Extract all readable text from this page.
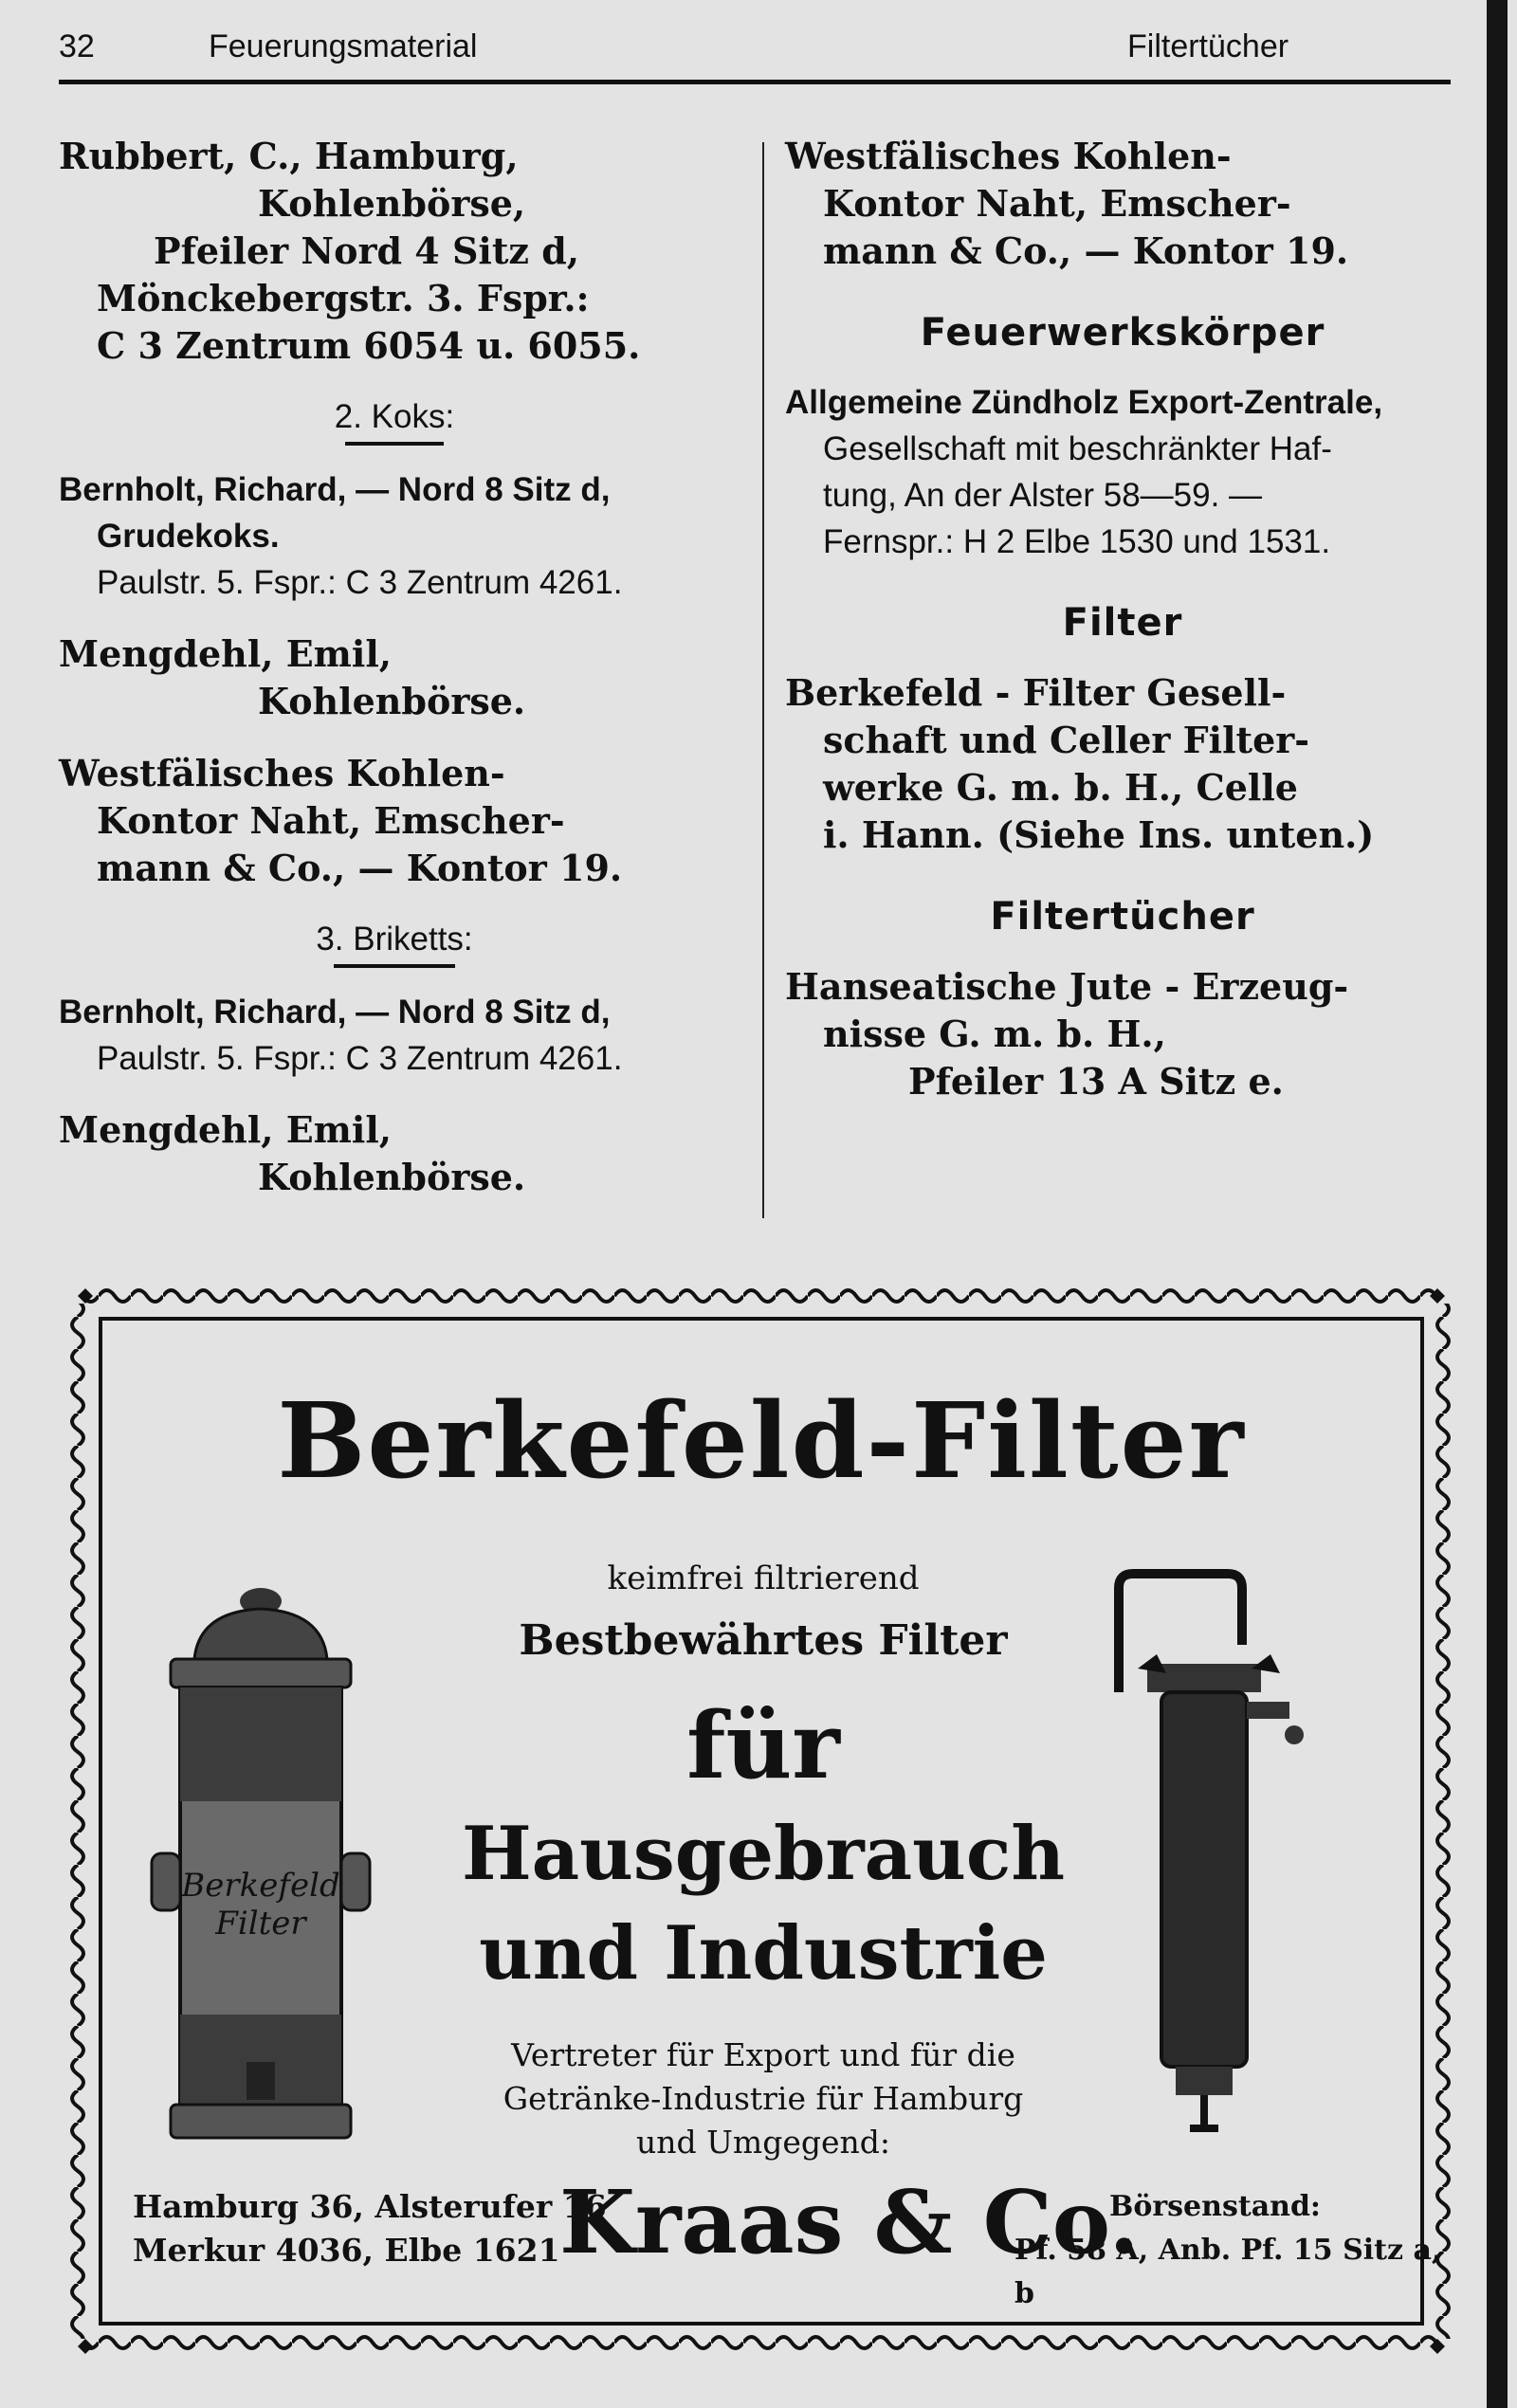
32	Feuerungsmaterial	Filtertücher
Rubbert, C., Hamburg,
Kohlenbörse,
Pfeiler Nord 4 Sitz d,
Mönckebergstr. 3. Fspr.:
C 3 Zentrum 6054 u. 6055.
2. Koks:
Bernholt, Richard, — Nord 8 Sitz d,
Grudekoks.
Paulstr. 5. Fspr.: C 3 Zentrum 4261.
Mengdehl, Emil,
Kohlenbörse.
Westfälisches Kohlen-
Kontor Naht, Emscher-
mann & Co., — Kontor 19.
3. Briketts:
Bernholt, Richard, — Nord 8 Sitz d,
Paulstr. 5. Fspr.: C 3 Zentrum 4261.
Mengdehl, Emil,
Kohlenbörse.
Westfälisches Kohlen-
Kontor Naht, Emscher-
mann & Co., — Kontor 19.
Feuerwerkskörper
Allgemeine Zündholz Export-Zentrale,
Gesellschaft mit beschränkter Haf-
tung, An der Alster 58—59. —
Fernspr.: H 2 Elbe 1530 und 1531.
Filter
Berkefeld - Filter Gesell-
schaft und Celler Filter-
werke G. m. b. H., Celle
i. Hann. (Siehe Ins. unten.)
Filtertücher
Hanseatische Jute - Erzeug-
nisse G. m. b. H.,
Pfeiler 13 A Sitz e.
Berkefeld-Filter
keimfrei filtrierend
Bestbewährtes Filter
für
Hausgebrauch
und Industrie
Vertreter für Export und für die
Getränke-Industrie für Hamburg
und Umgegend:
Berkefeld
Filter
Hamburg 36, Alsterufer 16
Merkur 4036, Elbe 1621 Kraas & Co.
Börsenstand:
Pf. 58 A, Anb. Pf. 15 Sitz a, b
